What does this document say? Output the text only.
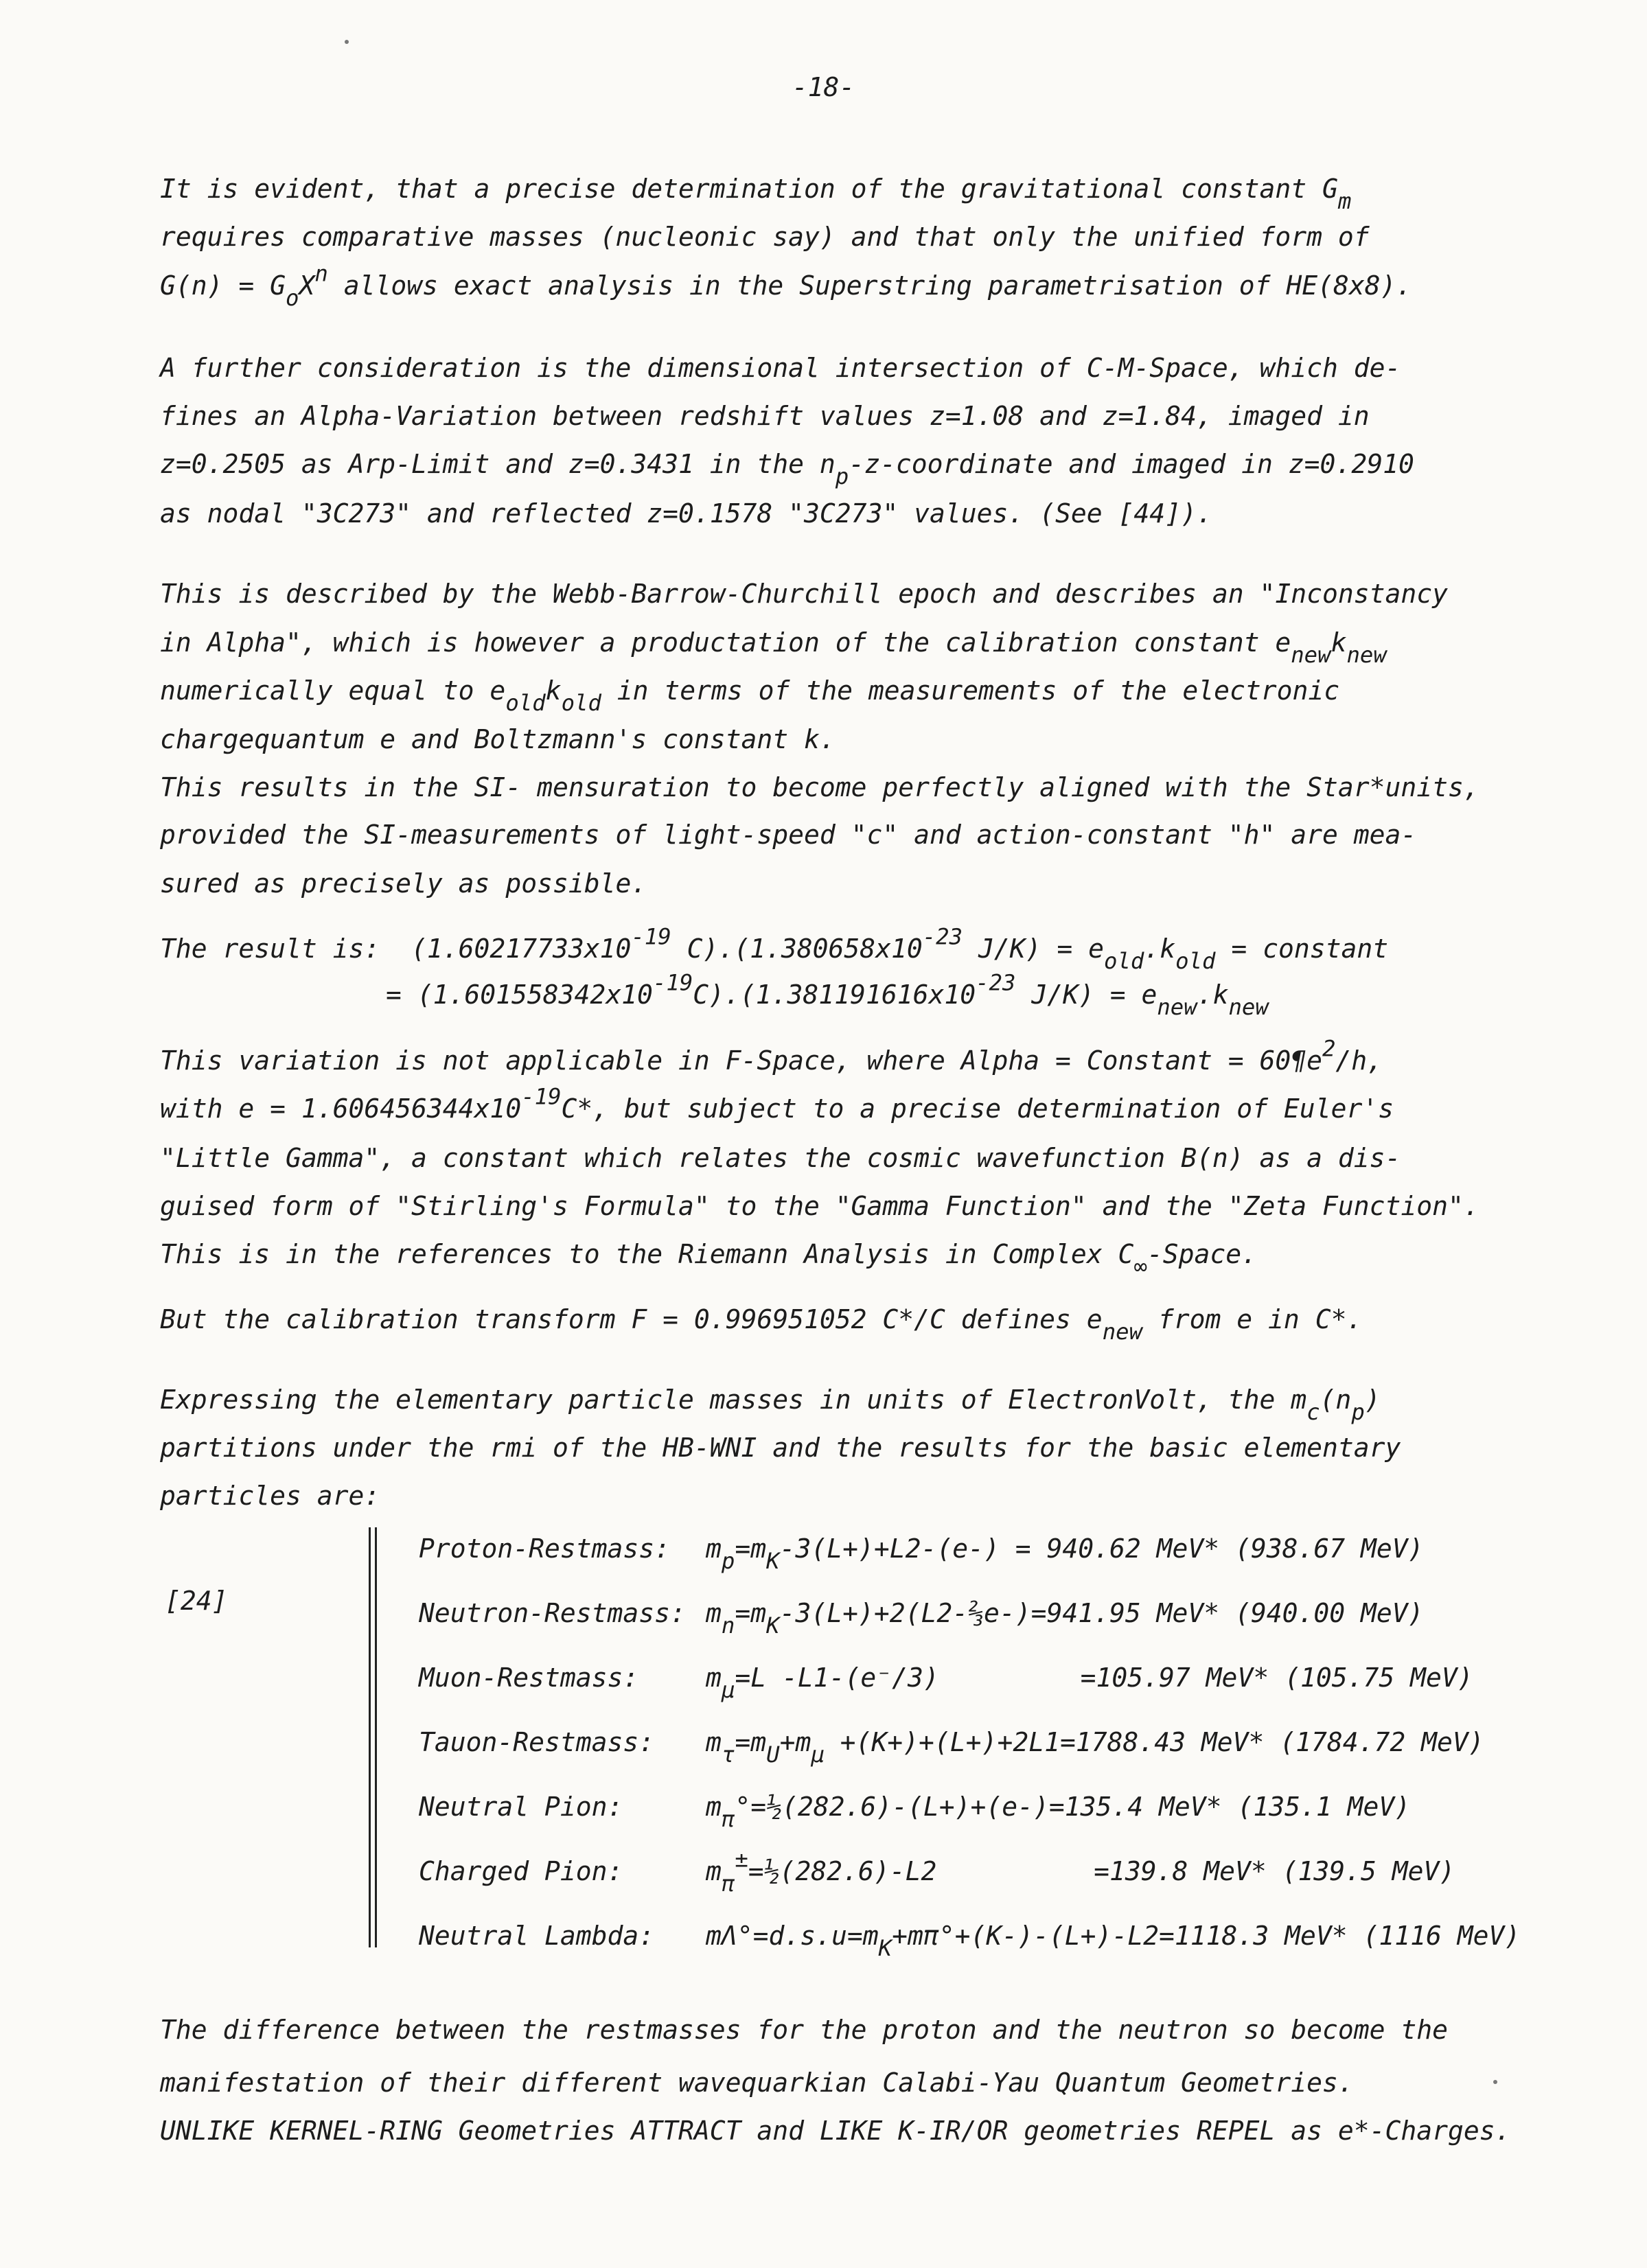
-18-
It is evident, that a precise determination of the gravitational constant $G_m$
requires comparative masses (nucleonic say) and that only the unified form of
$G(n) = G_oX^n$ allows exact analysis in the Superstring parametrisation of HE(8x8).
A further consideration is the dimensional intersection of C-M-Space, which de-
fines an Alpha-Variation between redshift values z=1.08 and z=1.84, imaged in
z=0.2505 as Arp-Limit and z=0.3431 in the $n_p-z$-coordinate and imaged in z=0.2910
as nodal "3C273" and reflected z=0.1578 "3C273" values. (See [44]).
This is described by the Webb-Barrow-Churchill epoch and describes an "Inconstancy
in Alpha", which is however a productation of the calibration constant $e_{new}k_{new}$
numerically equal to $e_{old}k_{old}$ in terms of the measurements of the electronic
chargequantum e and Boltzmann's constant k.
This results in the SI- mensuration to become perfectly aligned with the Star*units,
provided the SI-measurements of light-speed "c" and action-constant "h" are mea-
sured as precisely as possible.
The result is:  ($1.60217733x10^{-19}$ $C).(1.380658x10^{-23}$ $J/K) = e_{old}.k_{old}$ = constant
= $(1.601558342x10^{-19}C).(1.381191616x10^{-23}$ $J/K) = e_{new}.k_{new}$
This variation is not applicable in F-Space, where Alpha = Constant = $60\P e^2/h$,
with $e = 1.606456344x10^{-19}C*$, but subject to a precise determination of Euler's
"Little Gamma", a constant which relates the cosmic wavefunction B(n) as a dis-
guised form of "Stirling's Formula" to the "Gamma Function" and the "Zeta Function".
This is in the references to the Riemann Analysis in Complex $C_\infty$-Space.
But the calibration transform F = 0.996951052 C*/C defines $e_{new}$ from e in C*.
Expressing the elementary particle masses in units of ElectronVolt, the $m_c(n_p)$
partitions under the rmi of the HB-WNI and the results for the basic elementary
particles are:
[24]
Proton-Restmass: $m_p=m_K-3(L+)+L2-(e-) = 940.62$ MeV* (938.67 MeV)
Neutron-Restmass: $m_n=m_K-3(L+)+2(L2-\frac{2}{3}e-)=941.95$ MeV* (940.00 MeV)
Muon-Restmass:	$m_\mu=L$ -L1-(e⁻/3)         =105.97 MeV* (105.75 MeV)
Tauon-Restmass: $m_\tau=m_U+m_\mu +(K+)+(L+)+2L1=1788.43$ MeV* (1784.72 MeV)
Neutral Pion:	$m_\pi^\circ=\frac{1}{2}(282.6)-(L+)+(e-)=135.4$ MeV* (135.1 MeV)
Charged Pion:	$m_\pi^\pm=\frac{1}{2}(282.6)-L2$          =139.8 MeV* (139.5 MeV)
Neutral Lambda: $m\Lambda^\circ=d.s.u=m_K+m\pi^\circ+(K-)-(L+)-L2=1118.3$ MeV* (1116 MeV)
The difference between the restmasses for the proton and the neutron so become the
manifestation of their different wavequarkian Calabi-Yau Quantum Geometries.
UNLIKE KERNEL-RING Geometries ATTRACT and LIKE K-IR/OR geometries REPEL as e*-Charges.
